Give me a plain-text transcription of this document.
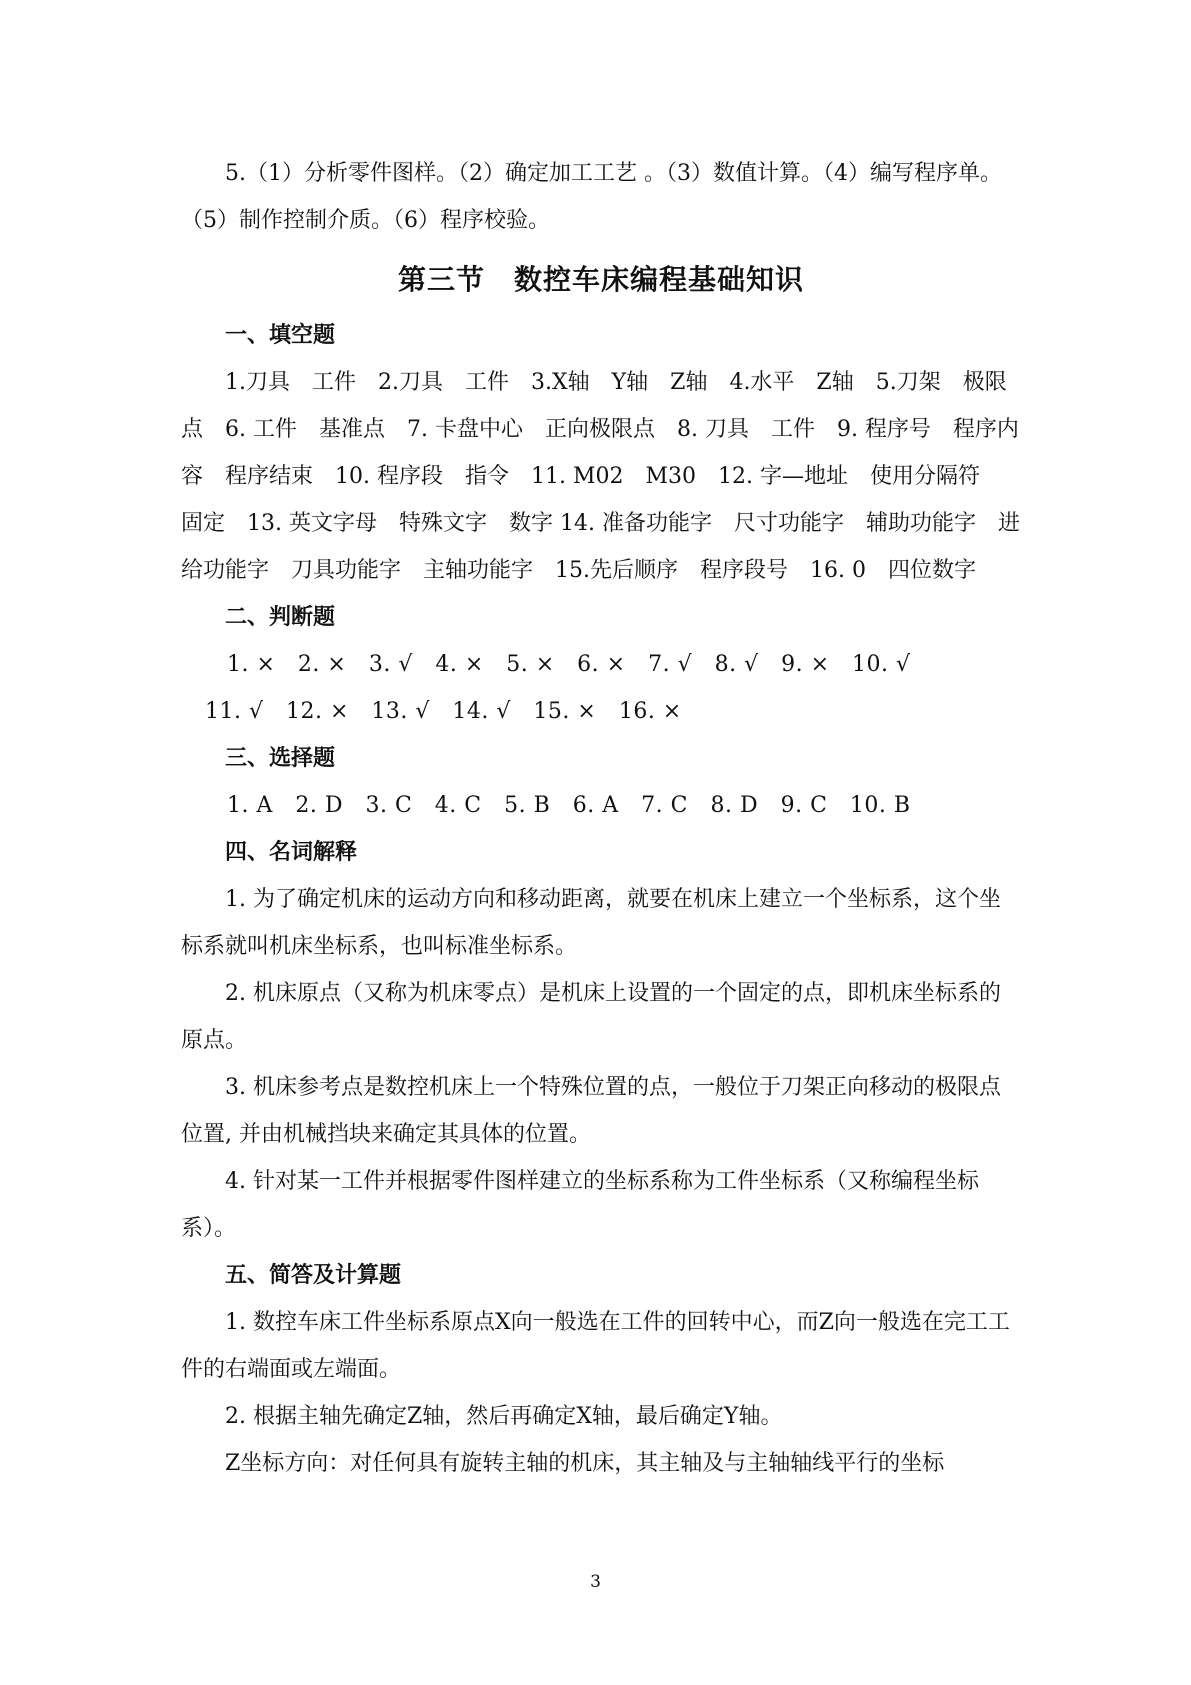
5.（1）分析零件图样。（2）确定加工工艺 。（3）数值计算。（4）编写程序单。（5）制作控制介质。（6）程序校验。

第三节　数控车床编程基础知识

一、填空题

1.刀具　工件　2.刀具　工件　3.X轴　Y轴　Z轴　4.水平　Z轴　5.刀架　极限点　6. 工件　基准点　7. 卡盘中心　正向极限点　8. 刀具　工件　9. 程序号　程序内容　程序结束　10. 程序段　指令　11. M02　M30　12. 字—地址　使用分隔符　固定　13. 英文字母　特殊文字　数字 14. 准备功能字　尺寸功能字　辅助功能字　进给功能字　刀具功能字　主轴功能字　15.先后顺序　程序段号　16. 0　四位数字

二、判断题

1. ×　2. ×　3. √　4. ×　5. ×　6. ×　7. √　8. √　9. ×　10. √

11. √　12. ×　13. √　14. √　15. ×　16. ×

三、选择题

1. A　2. D　3. C　4. C　5. B　6. A　7. C　8. D　9. C　10. B

四、名词解释

1. 为了确定机床的运动方向和移动距离，就要在机床上建立一个坐标系，这个坐标系就叫机床坐标系，也叫标准坐标系。

2. 机床原点（又称为机床零点）是机床上设置的一个固定的点，即机床坐标系的原点。

3. 机床参考点是数控机床上一个特殊位置的点，一般位于刀架正向移动的极限点位置, 并由机械挡块来确定其具体的位置。

4. 针对某一工件并根据零件图样建立的坐标系称为工件坐标系（又称编程坐标系）。

五、简答及计算题

1. 数控车床工件坐标系原点X向一般选在工件的回转中心，而Z向一般选在完工工件的右端面或左端面。

2. 根据主轴先确定Z轴，然后再确定X轴，最后确定Y轴。

Z坐标方向：对任何具有旋转主轴的机床，其主轴及与主轴轴线平行的坐标

3
